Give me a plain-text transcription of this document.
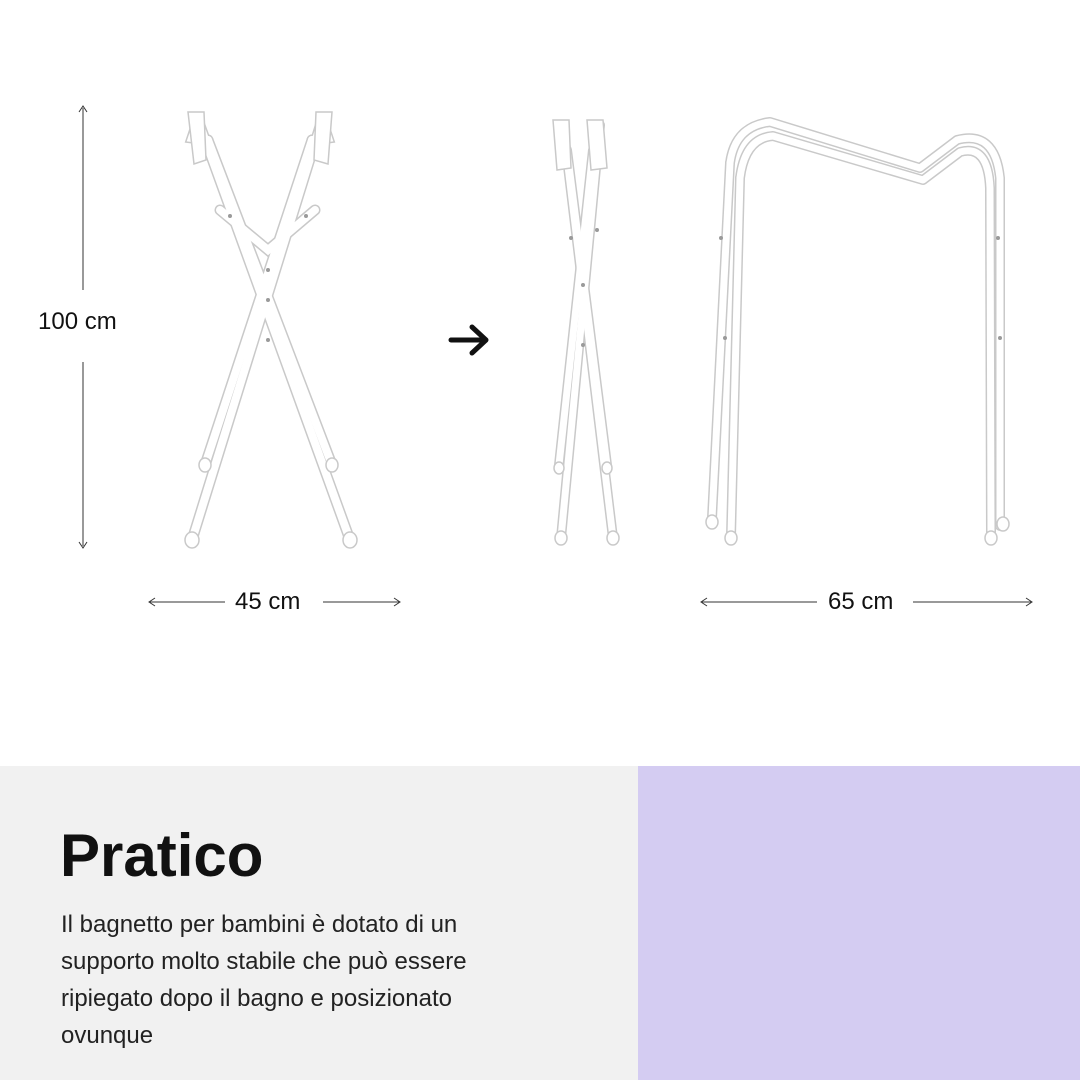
100 cm
45 cm	65 cm
Pratico

Il bagnetto per bambini è dotato di un supporto molto stabile che può essere ripiegato dopo il bagno e posizionato ovunque
